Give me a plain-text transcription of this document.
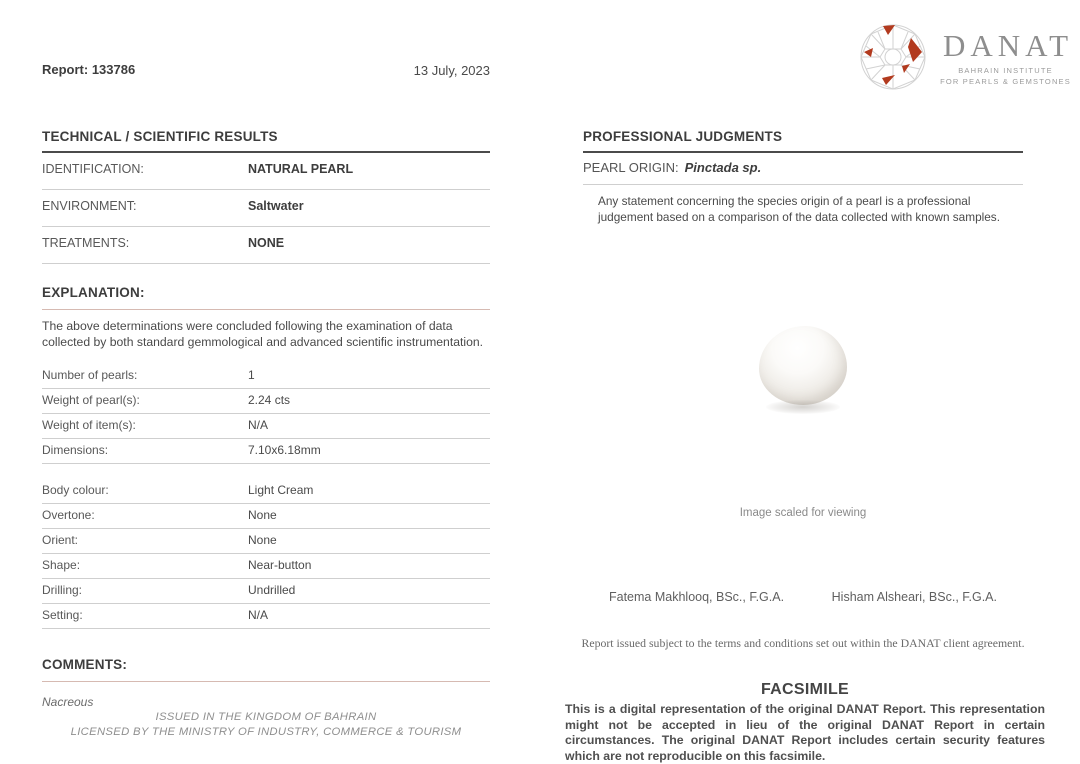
Report: 133786	13 July, 2023
DANAT
BAHRAIN INSTITUTE
FOR PEARLS & GEMSTONES
TECHNICAL / SCIENTIFIC RESULTS
IDENTIFICATION:	NATURAL PEARL
ENVIRONMENT:	Saltwater
TREATMENTS:	NONE
EXPLANATION:
The above determinations were concluded following the examination of data collected by both standard gemmological and advanced scientific instrumentation.
Number of pearls:	1
Weight of pearl(s):	2.24 cts
Weight of item(s):	N/A
Dimensions:	7.10x6.18mm
Body colour:	Light Cream
Overtone:	None
Orient:	None
Shape:	Near-button
Drilling:	Undrilled
Setting:	N/A
COMMENTS:
Nacreous
ISSUED IN THE KINGDOM OF BAHRAIN
LICENSED BY THE MINISTRY OF INDUSTRY, COMMERCE & TOURISM
PROFESSIONAL JUDGMENTS
PEARL ORIGIN: Pinctada sp.
Any statement concerning the species origin of a pearl is a professional judgement based on a comparison of the data collected with known samples.
Image scaled for viewing
Fatema Makhlooq, BSc., F.G.A.	Hisham Alsheari, BSc., F.G.A.
Report issued subject to the terms and conditions set out within the DANAT client agreement.
FACSIMILE
This is a digital representation of the original DANAT Report. This representation might not be accepted in lieu of the original DANAT Report in certain circumstances. The original DANAT Report includes certain security features which are not reproducible on this facsimile.
